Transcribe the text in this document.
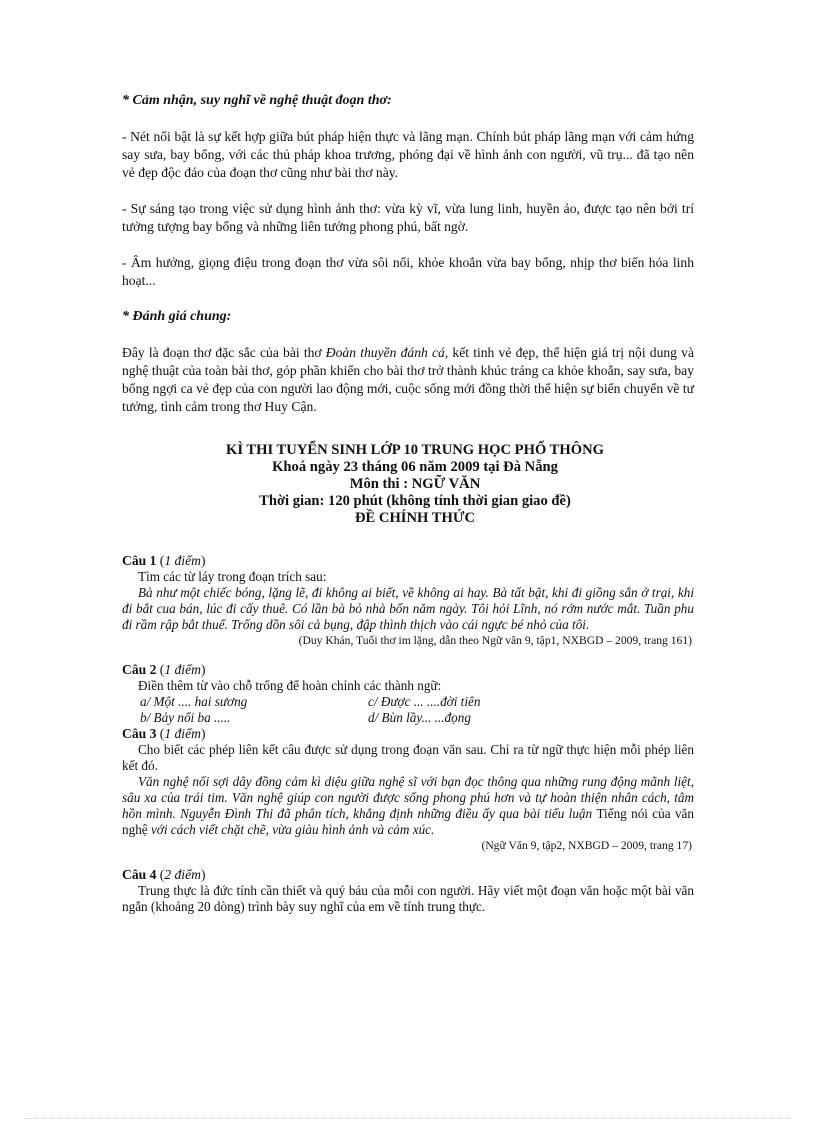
* Cảm nhận, suy nghĩ về nghệ thuật đoạn thơ:

- Nét nổi bật là sự kết hợp giữa bút pháp hiện thực và lãng mạn. Chính bút pháp lãng mạn với cảm hứng say sưa, bay bổng, với các thủ pháp khoa trương, phóng đại về hình ảnh con người, vũ trụ... đã tạo nên vẻ đẹp độc đáo của đoạn thơ cũng như bài thơ này.

- Sự sáng tạo trong việc sử dụng hình ảnh thơ: vừa kỳ vĩ, vừa lung linh, huyền ảo, được tạo nên bởi trí tưởng tượng bay bổng và những liên tưởng phong phú, bất ngờ.

- Âm hưởng, giọng điệu trong đoạn thơ vừa sôi nổi, khỏe khoắn vừa bay bổng, nhịp thơ biến hóa linh hoạt...

* Đánh giá chung:

Đây là đoạn thơ đặc sắc của bài thơ Đoàn thuyền đánh cá, kết tinh vẻ đẹp, thể hiện giá trị nội dung và nghệ thuật của toàn bài thơ, góp phần khiến cho bài thơ trở thành khúc tráng ca khỏe khoắn, say sưa, bay bổng ngợi ca vẻ đẹp của con người lao động mới, cuộc sống mới đồng thời thể hiện sự biến chuyển về tư tưởng, tình cảm trong thơ Huy Cận.

KÌ THI TUYỂN SINH LỚP 10 TRUNG HỌC PHỔ THÔNG

Khoá ngày 23 tháng 06 năm 2009 tại Đà Nẵng

Môn thi : NGỮ VĂN

Thời gian: 120 phút (không tính thời gian giao đề)

ĐỀ CHÍNH THỨC

Câu 1 (1 điểm)

Tìm các từ láy trong đoạn trích sau:

Bà như một chiếc bóng, lặng lẽ, đi không ai biết, về không ai hay. Bà tất bật, khi đi giồng sắn ở trại, khi đi bắt cua bán, lúc đi cấy thuê. Có lần bà bỏ nhà bốn năm ngày. Tôi hỏi Lĩnh, nó rớm nước mắt. Tuần phu đi rầm rập bắt thuế. Trống dồn sôi cả bụng, đập thình thịch vào cái ngực bé nhỏ của tôi.

(Duy Khán, Tuổi thơ im lặng, dẫn theo Ngữ văn 9, tập1, NXBGD – 2009, trang 161)

Câu 2 (1 điểm)

Điền thêm từ vào chỗ trống để hoàn chỉnh các thành ngữ:

a/ Một .... hai sương	c/ Được ... ....đời tiên
b/ Bảy nổi ba .....	d/ Bùn lầy... ...đọng

Câu 3 (1 điểm)

Cho biết các phép liên kết câu được sử dụng trong đoạn văn sau. Chỉ ra từ ngữ thực hiện mỗi phép liên kết đó.

Văn nghệ nối sợi dây đồng cảm kì diệu giữa nghệ sĩ với bạn đọc thông qua những rung động mãnh liệt, sâu xa của trái tim. Văn nghệ giúp con người được sống phong phú hơn và tự hoàn thiện nhân cách, tâm hồn mình. Nguyễn Đình Thi đã phân tích, khẳng định những điều ấy qua bài tiểu luận Tiếng nói của văn nghệ với cách viết chặt chẽ, vừa giàu hình ảnh và cảm xúc.

(Ngữ Văn 9, tập2, NXBGD – 2009, trang 17)

Câu 4 (2 điểm)

Trung thực là đức tính cần thiết và quý báu của mỗi con người. Hãy viết một đoạn văn hoặc một bài văn ngắn (khoảng 20 dòng) trình bày suy nghĩ của em về tính trung thực.
